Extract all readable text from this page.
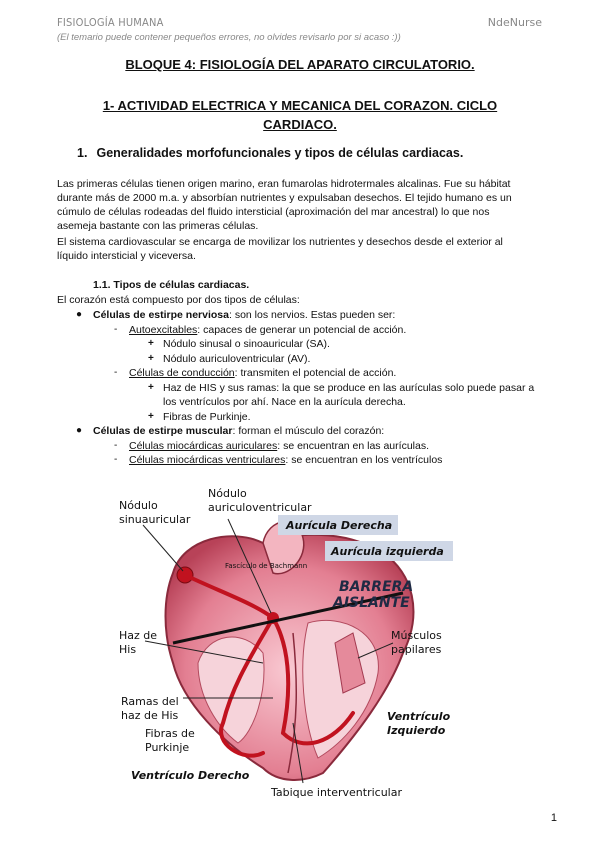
FISIOLOGÍA HUMANA	NdeNurse
(El temario puede contener pequeños errores, no olvides revisarlo por si acaso :))
BLOQUE 4: FISIOLOGÍA DEL APARATO CIRCULATORIO.
1- ACTIVIDAD ELECTRICA Y MECANICA DEL CORAZON. CICLO
CARDIACO.
1. Generalidades morfofuncionales y tipos de células cardiacas.
Las primeras células tienen origen marino, eran fumarolas hidrotermales alcalinas. Fue su hábitat
durante más de 2000 m.a. y absorbían nutrientes y expulsaban desechos. El tejido humano es un
cúmulo de células rodeadas del fluido intersticial (aproximación del mar ancestral) lo que nos
asemeja bastante con las primeras células.
El sistema cardiovascular se encarga de movilizar los nutrientes y desechos desde el exterior al
líquido intersticial y viceversa.
1.1. Tipos de células cardiacas.
El corazón está compuesto por dos tipos de células:
● Células de estirpe nerviosa: son los nervios. Estas pueden ser:
- Autoexcitables: capaces de generar un potencial de acción.
+ Nódulo sinusal o sinoauricular (SA).
+ Nódulo auriculoventricular (AV).
- Células de conducción: transmiten el potencial de acción.
+ Haz de HIS y sus ramas: la que se produce en las aurículas solo puede pasar a
los ventrículos por ahí. Nace en la aurícula derecha.
+ Fibras de Purkinje.
● Células de estirpe muscular: forman el músculo del corazón:
- Células miocárdicas auriculares: se encuentran en las aurículas.
- Células miocárdicas ventriculares: se encuentran en los ventrículos
Nódulo
sinuauricular
Nódulo
auriculoventricular
Haz de
His
Músculos
papilares
Ramas del
haz de His
Fibras de
Purkinje
Tabique interventricular
Aurícula Derecha
Aurícula izquierda
Fascículo de Bachmann
BARRERA
AISLANTE
Ventrículo
Izquierdo
Ventrículo Derecho
1
